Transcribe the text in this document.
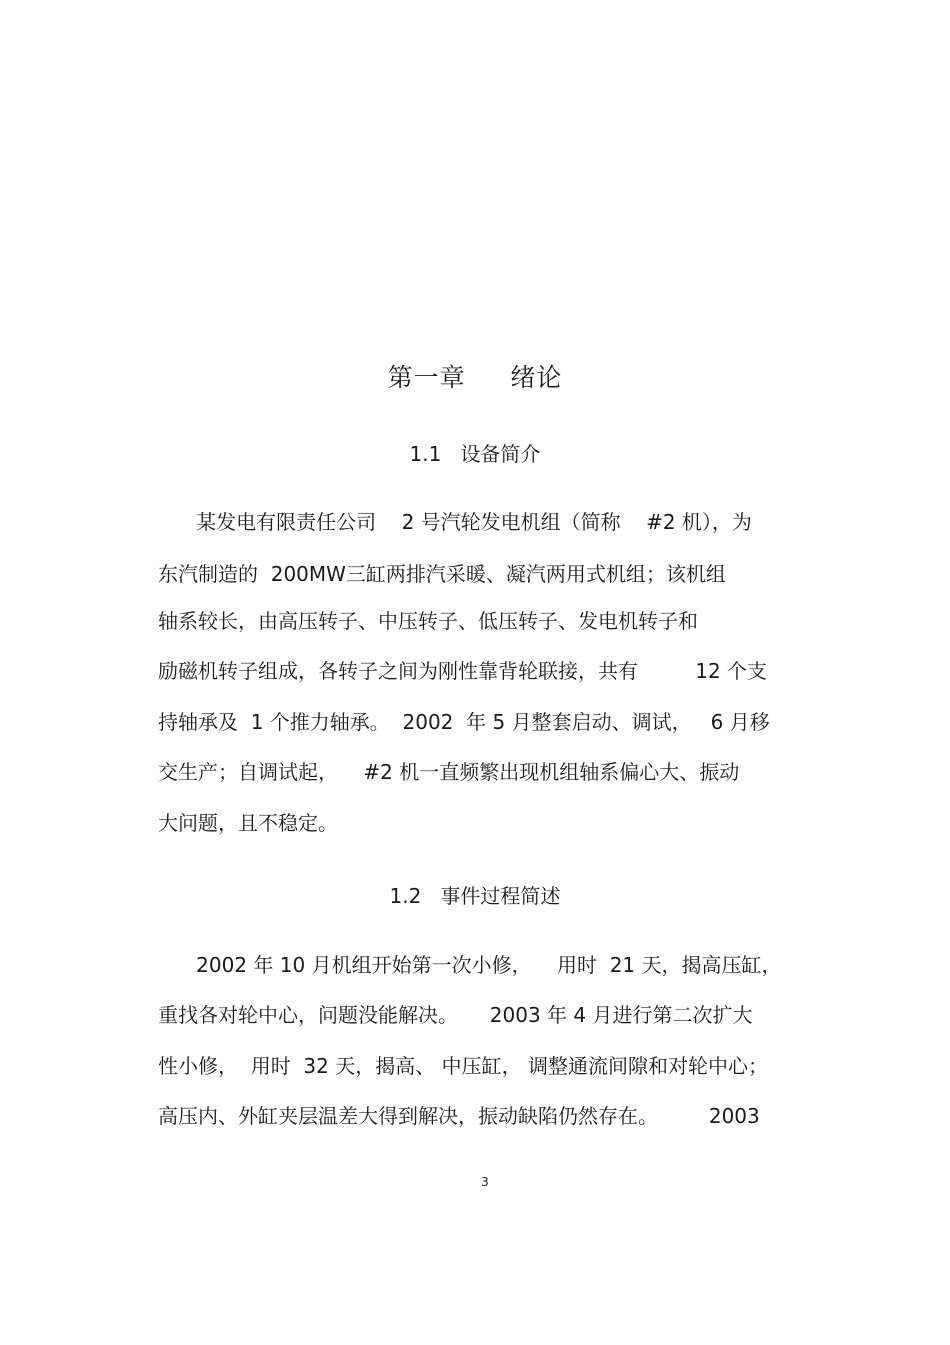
第一章     绪论
1.1   设备简介
某发电有限责任公司    2 号汽轮发电机组（简称    #2 机），为
东汽制造的  200MW三缸两排汽采暖、凝汽两用式机组；该机组
轴系较长，由高压转子、中压转子、低压转子、发电机转子和
励磁机转子组成，各转子之间为刚性靠背轮联接，共有         12 个支
持轴承及  1 个推力轴承。  2002  年 5 月整套启动、调试，   6 月移
交生产；自调试起，    #2 机一直频繁出现机组轴系偏心大、振动
大问题，且不稳定。
1.2   事件过程简述
2002 年 10 月机组开始第一次小修，    用时  21 天，揭高压缸，
重找各对轮中心，问题没能解决。     2003 年 4 月进行第二次扩大
性小修，  用时  32 天，揭高、 中压缸， 调整通流间隙和对轮中心；
高压内、外缸夹层温差大得到解决，振动缺陷仍然存在。        2003
3
